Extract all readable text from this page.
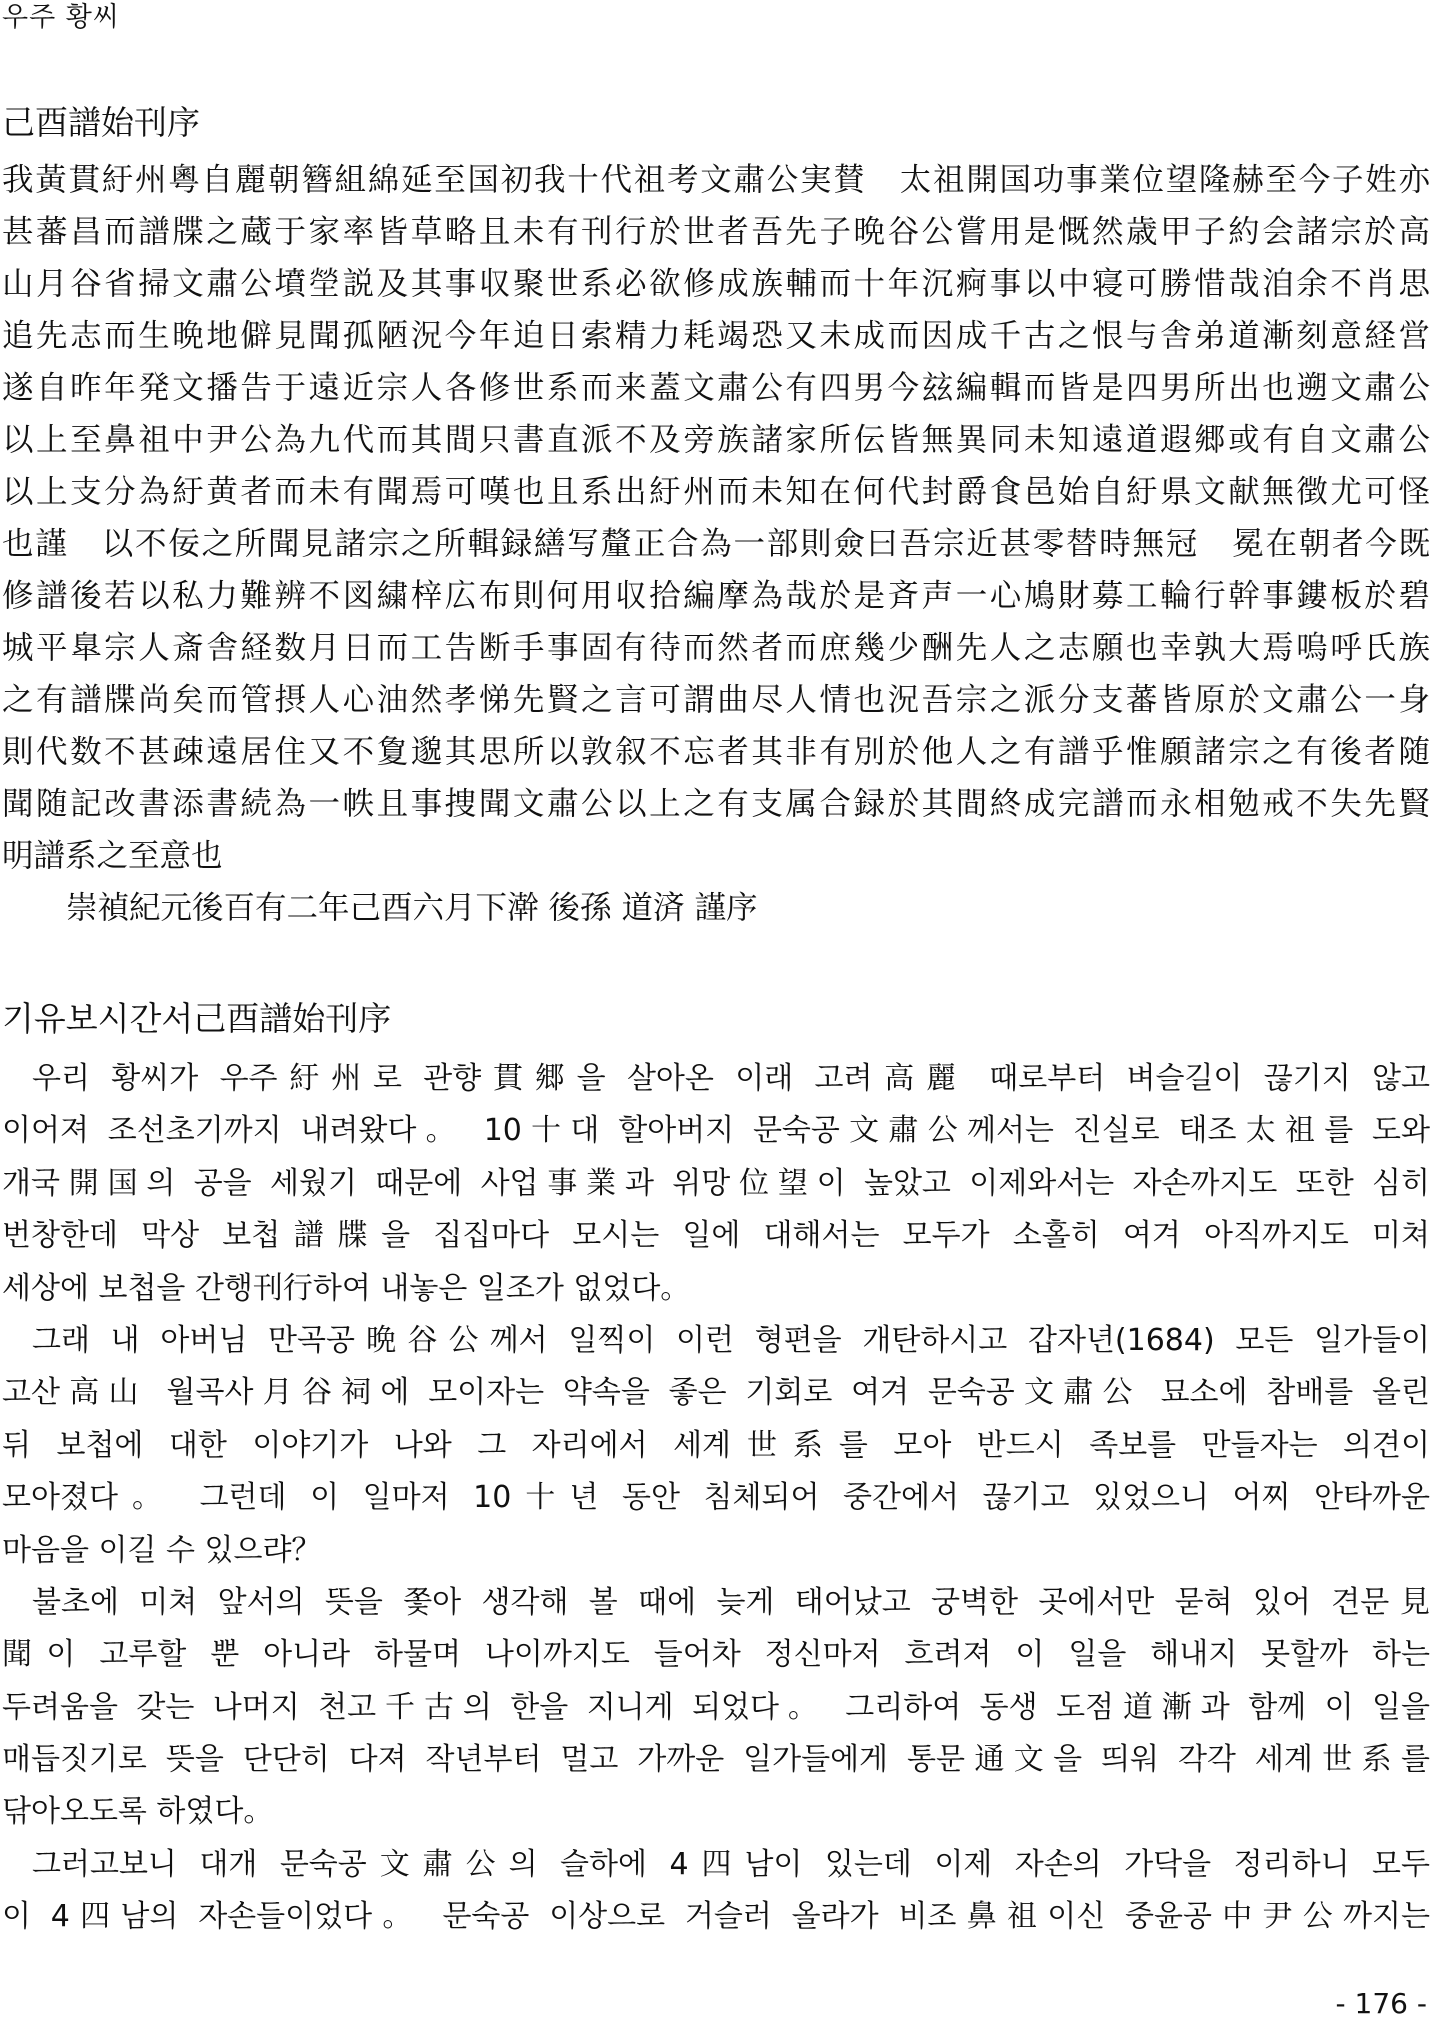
우주 황씨
己酉譜始刊序
我黃貫紆州粵自麗朝簪組綿延至国初我十代祖考文肅公実賛　太祖開国功事業位望隆赫至今子姓亦
甚蕃昌而譜牒之蔵于家率皆草略且未有刊行於世者吾先子晩谷公嘗用是慨然歳甲子約会諸宗於高
山月谷省掃文肅公墳塋説及其事収聚世系必欲修成族輔而十年沉痾事以中寝可勝惜哉洎余不肖思
追先志而生晩地僻見聞孤陋況今年迫日索精力耗竭恐又未成而因成千古之恨与舎弟道漸刻意経営
遂自昨年発文播告于遠近宗人各修世系而来蓋文肅公有四男今玆編輯而皆是四男所出也遡文肅公
以上至鼻祖中尹公為九代而其間只書直派不及旁族諸家所伝皆無異同未知遠道遐郷或有自文肅公
以上支分為紆黄者而未有聞焉可嘆也且系出紆州而未知在何代封爵食邑始自紆県文献無徴尤可怪
也謹　以不佞之所聞見諸宗之所輯録繕写釐正合為一部則僉曰吾宗近甚零替時無冠　冕在朝者今既
修譜後若以私力難辨不図繍梓広布則何用収拾編摩為哉於是斉声一心鳩財募工輪行幹事鏤板於碧
城平臯宗人斎舎経数月日而工告断手事固有待而然者而庶幾少酬先人之志願也幸孰大焉嗚呼氏族
之有譜牒尚矣而管摂人心油然孝悌先賢之言可謂曲尽人情也況吾宗之派分支蕃皆原於文肅公一身
則代数不甚疎遠居住又不夐邈其思所以敦叙不忘者其非有別於他人之有譜乎惟願諸宗之有後者随
聞随記改書添書続為一帙且事捜聞文肅公以上之有支属合録於其間終成完譜而永相勉戒不失先賢
明譜系之至意也
崇禎紀元後百有二年己酉六月下澣 後孫 道済 謹序
기유보시간서己酉譜始刊序
우리 황씨가 우주紆州로 관향貫郷을 살아온 이래 고려高麗 때로부터 벼슬길이 끊기지 않고
이어져 조선초기까지 내려왔다。 10十대 할아버지 문숙공文肅公께서는 진실로 태조太祖를 도와
개국開国의 공을 세웠기 때문에 사업事業과 위망位望이 높았고 이제와서는 자손까지도 또한 심히
번창한데 막상 보첩譜牒을 집집마다 모시는 일에 대해서는 모두가 소홀히 여겨 아직까지도 미쳐
세상에 보첩을 간행刊行하여 내놓은 일조가 없었다。
그래 내 아버님 만곡공晩谷公께서 일찍이 이런 형편을 개탄하시고 갑자년(1684) 모든 일가들이
고산高山 월곡사月谷祠에 모이자는 약속을 좋은 기회로 여겨 문숙공文肅公 묘소에 참배를 올린
뒤 보첩에 대한 이야기가 나와 그 자리에서 세계世系를 모아 반드시 족보를 만들자는 의견이
모아졌다。 그런데 이 일마저 10十년 동안 침체되어 중간에서 끊기고 있었으니 어찌 안타까운
마음을 이길 수 있으랴？
불초에 미쳐 앞서의 뜻을 쫓아 생각해 볼 때에 늦게 태어났고 궁벽한 곳에서만 묻혀 있어 견문見
聞이 고루할 뿐 아니라 하물며 나이까지도 들어차 정신마저 흐려져 이 일을 해내지 못할까 하는
두려움을 갖는 나머지 천고千古의 한을 지니게 되었다。 그리하여 동생 도점道漸과 함께 이 일을
매듭짓기로 뜻을 단단히 다져 작년부터 멀고 가까운 일가들에게 통문通文을 띄워 각각 세계世系를
닦아오도록 하였다。
그러고보니 대개 문숙공文肅公의 슬하에 4四남이 있는데 이제 자손의 가닥을 정리하니 모두
이 4四남의 자손들이었다。 문숙공 이상으로 거슬러 올라가 비조鼻祖이신 중윤공中尹公까지는
- 176 -
